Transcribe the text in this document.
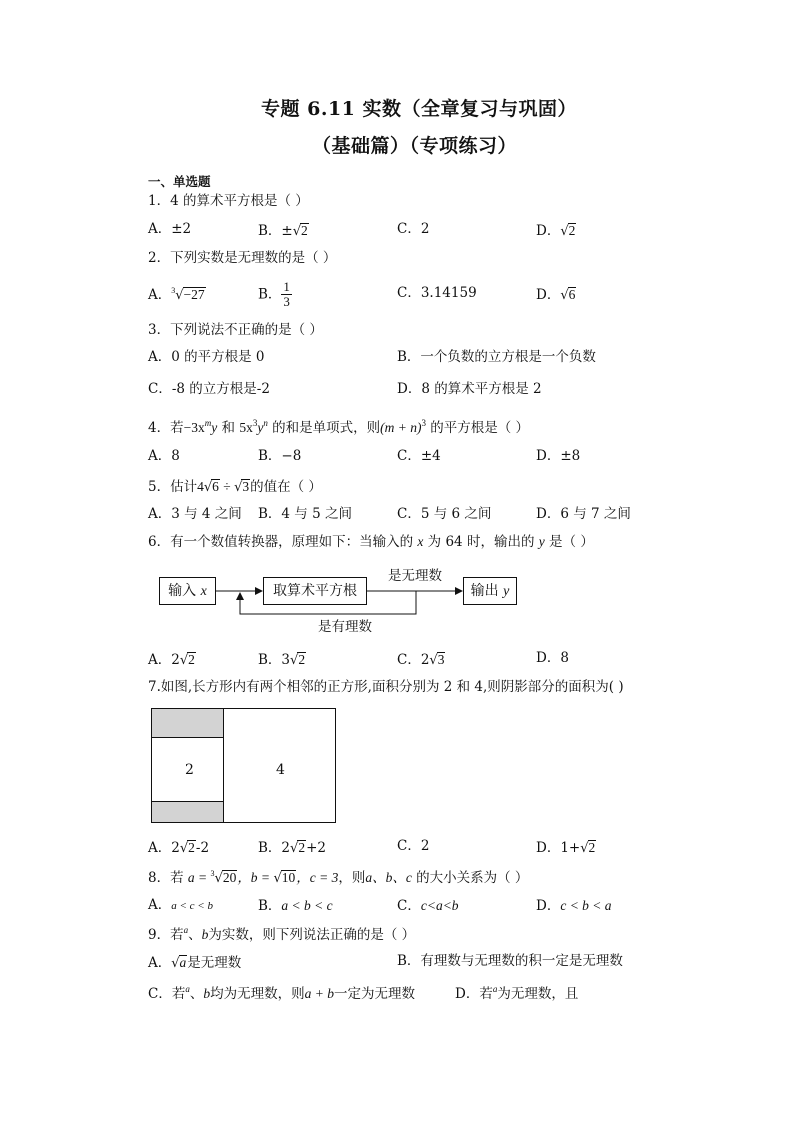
专题 6.11 实数（全章复习与巩固）
（基础篇）（专项练习）
一、单选题
1．4 的算术平方根是（ ）
A．±2	B．±√2	C．2	D．√2
2．下列实数是无理数的是（ ）
A．$^3$√−27	B． $\frac{1}{3}$	C．3.14159	D．√6
3．下列说法不正确的是（ ）
A．0 的平方根是 0	B．一个负数的立方根是一个负数
C．-8 的立方根是-2	D．8 的算术平方根是 2
4．若$-3x^my$ 和 $5x^3y^n$ 的和是单项式，则$(m + n)^3$ 的平方根是（ ）
A．8	B．−8	C．±4	D．±8
5．估计4√6 ÷ √3的值在（ ）
A．3 与 4 之间 B．4 与 5 之间	C．5 与 6 之间	D．6 与 7 之间
6．有一个数值转换器，原理如下：当输入的 x 为 64 时，输出的 y 是（ ）
输入 x	取算术平方根	输出 y
是无理数
是有理数
A．2√2	B．3√2	C．2√3	D．8
7.如图,长方形内有两个相邻的正方形,面积分别为 2 和 4,则阴影部分的面积为( )
2	4
A．2√2-2	B．2√2+2	C．2	D．1+√2
8．若 a = $^3$√20，b = √10，c = 3，则a、b、c 的大小关系为（ ）
A．a < c < b	B．a < b < c	C．c<a<b	D．c < b < a
9．若$^a$、b为实数，则下列说法正确的是（ ）
A．√a是无理数	B．有理数与无理数的积一定是无理数
C．若$^a$、b均为无理数，则a + b一定为无理数	D．若$^a$为无理数，且
